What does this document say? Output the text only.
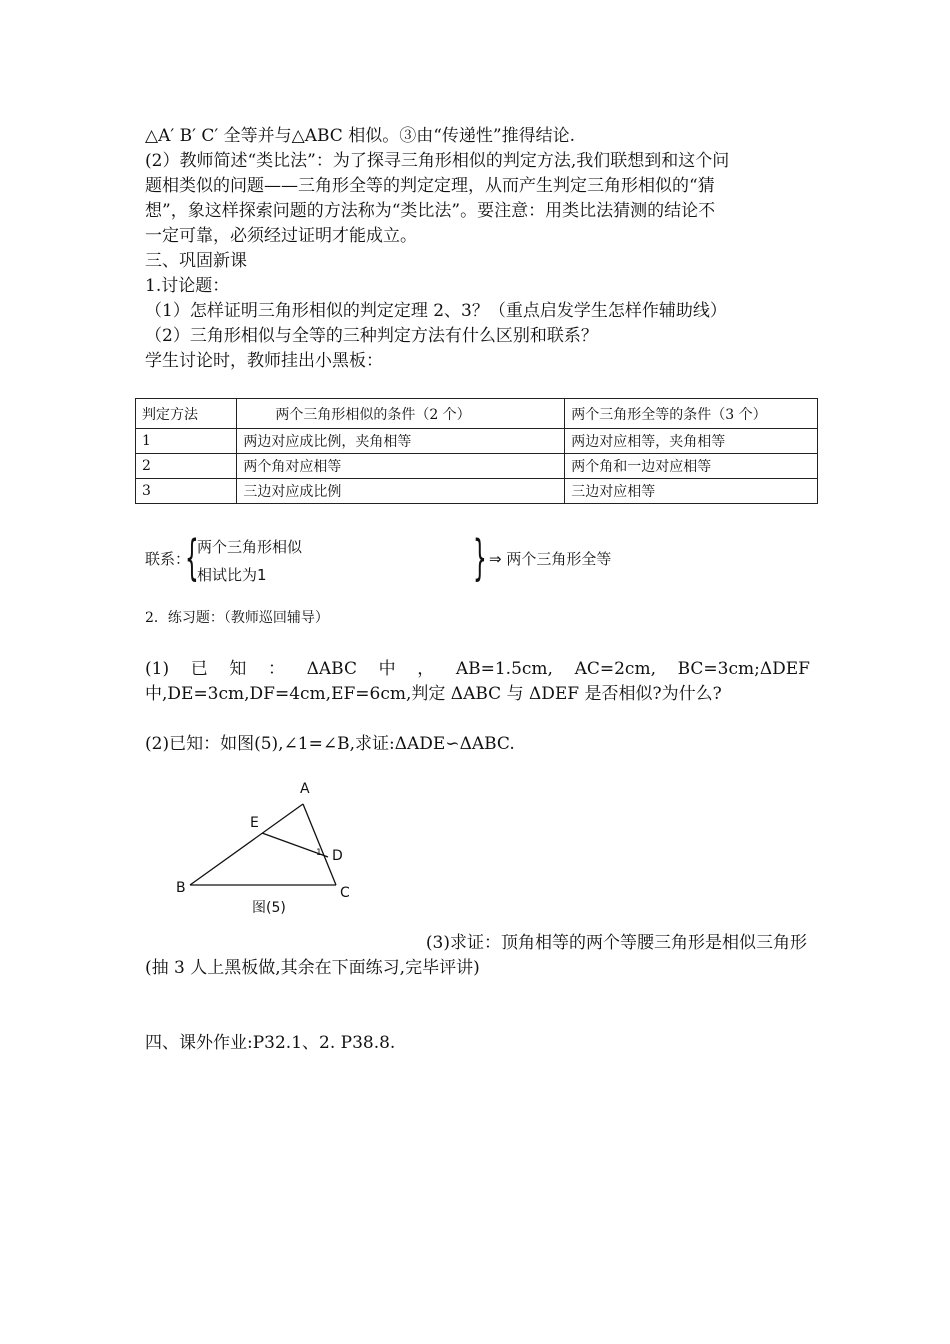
△A′ B′ C′ 全等并与△ABC 相似。③由“传递性”推得结论.
(2）教师简述“类比法”：为了探寻三角形相似的判定方法,我们联想到和这个问
题相类似的问题——三角形全等的判定定理，从而产生判定三角形相似的“猜
想”，象这样探索问题的方法称为“类比法”。要注意：用类比法猜测的结论不
一定可靠，必须经过证明才能成立。
三、巩固新课
1.讨论题：
（1）怎样证明三角形相似的判定定理 2、3？（重点启发学生怎样作辅助线）
（2）三角形相似与全等的三种判定方法有什么区别和联系？
学生讨论时，教师挂出小黑板：
判定方法	两个三角形相似的条件（2 个）	两个三角形全等的条件（3 个）
1	两边对应成比例，夹角相等	两边对应相等，夹角相等
2	两个角对应相等	两个角和一边对应相等
3	三边对应成比例	三边对应相等
联系：
{
两个三角形相似
相试比为1	} ⇒ 两个三角形全等
2．练习题：（教师巡回辅导）
(1) 已 知 ： ΔABC 中 ， AB=1.5cm, AC=2cm, BC=3cm;ΔDEF
中,DE=3cm,DF=4cm,EF=6cm,判定 ΔABC 与 ΔDEF 是否相似?为什么?
(2)已知：如图(5),∠1=∠B,求证:ΔADE∽ΔABC.
A
E
D
1
B	C
图(5)
(3)求证：顶角相等的两个等腰三角形是相似三角形
(抽 3 人上黑板做,其余在下面练习,完毕评讲)
四、课外作业:P32.1、2. P38.8.
